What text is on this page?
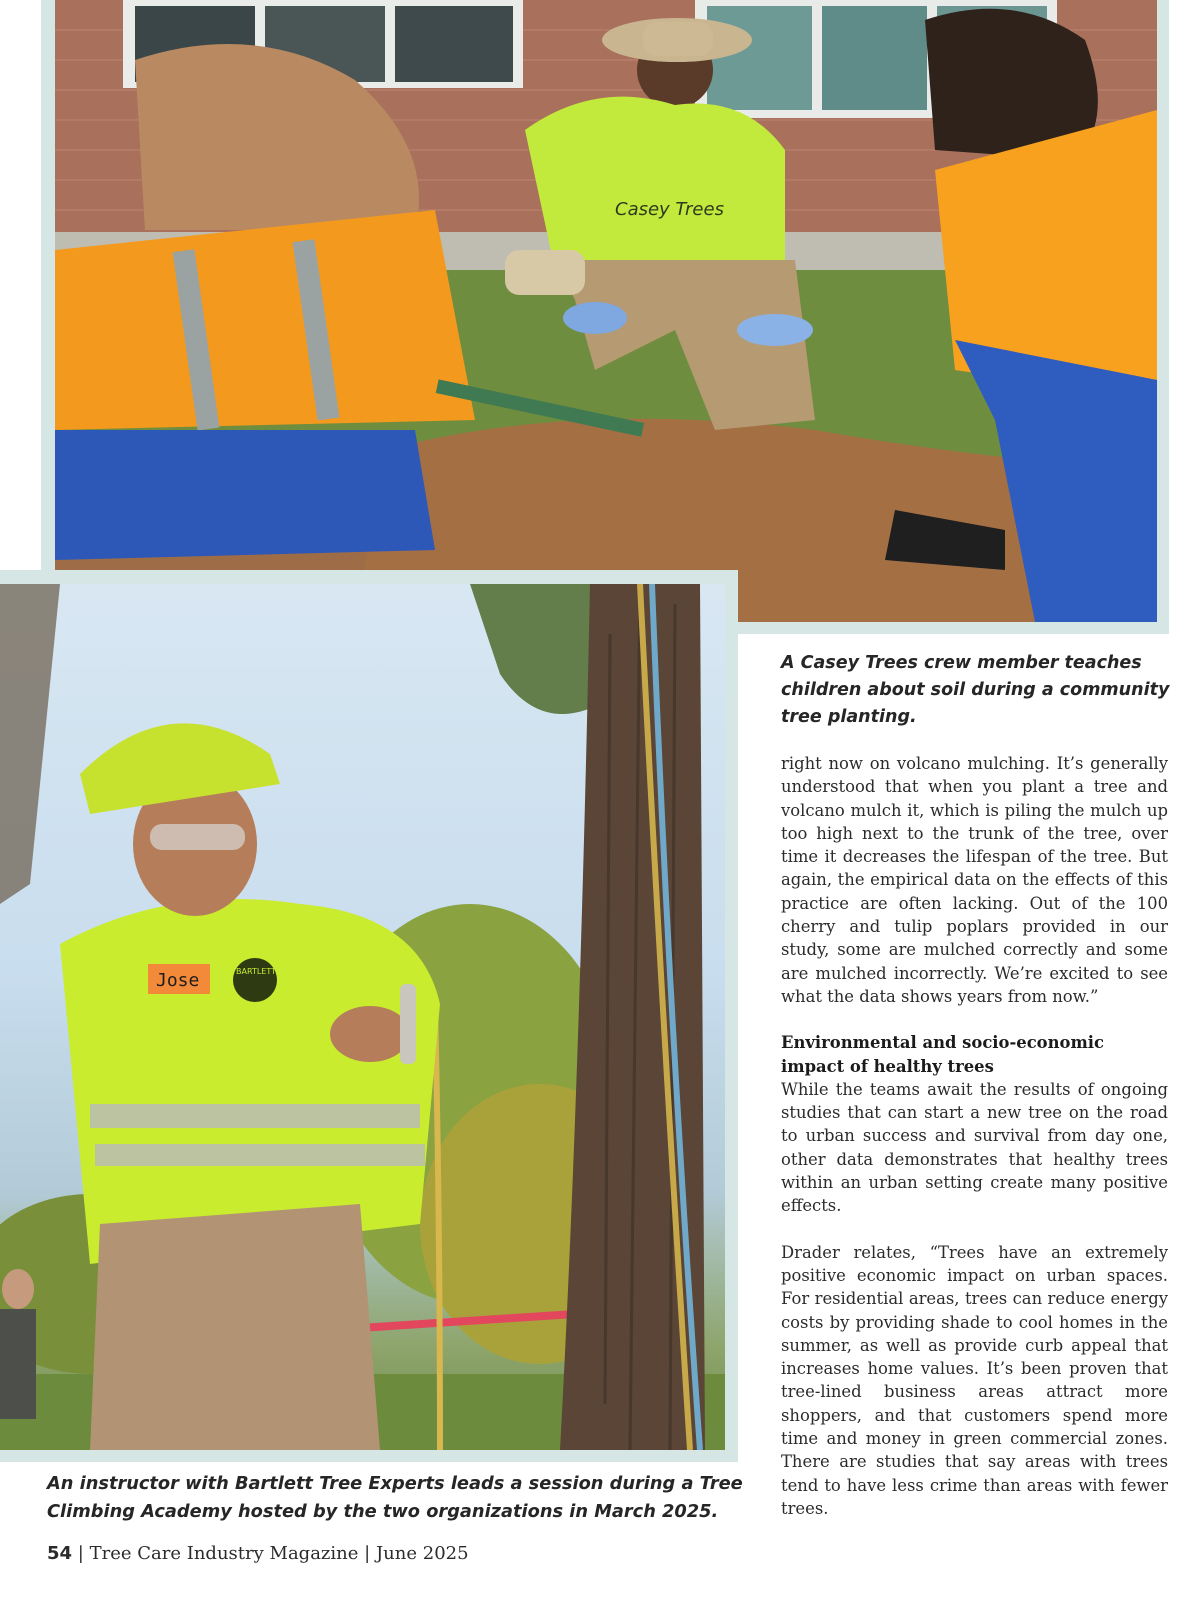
Casey Trees
Jose	BARTLETT

A Casey Trees crew member teaches children about soil during a community tree planting.

An instructor with Bartlett Tree Experts leads a session during a Tree Climbing Academy hosted by the two organizations in March 2025.

right now on volcano mulching. It’s generally understood that when you plant a tree and volcano mulch it, which is piling the mulch up too high next to the trunk of the tree, over time it decreases the lifespan of the tree. But again, the empirical data on the effects of this practice are often lacking. Out of the 100 cherry and tulip poplars provided in our study, some are mulched correctly and some are mulched incorrectly. We’re excited to see what the data shows years from now.”

Environmental and socio-economic impact of healthy trees

While the teams await the results of ongoing studies that can start a new tree on the road to urban success and survival from day one, other data demonstrates that healthy trees within an urban setting create many positive effects.

Drader relates, “Trees have an extremely positive economic impact on urban spaces. For residential areas, trees can reduce energy costs by providing shade to cool homes in the summer, as well as provide curb appeal that increases home values. It’s been proven that tree-lined business areas attract more shoppers, and that customers spend more time and money in green commercial zones. There are studies that say areas with trees tend to have less crime than areas with fewer trees.

54 | Tree Care Industry Magazine | June 2025
